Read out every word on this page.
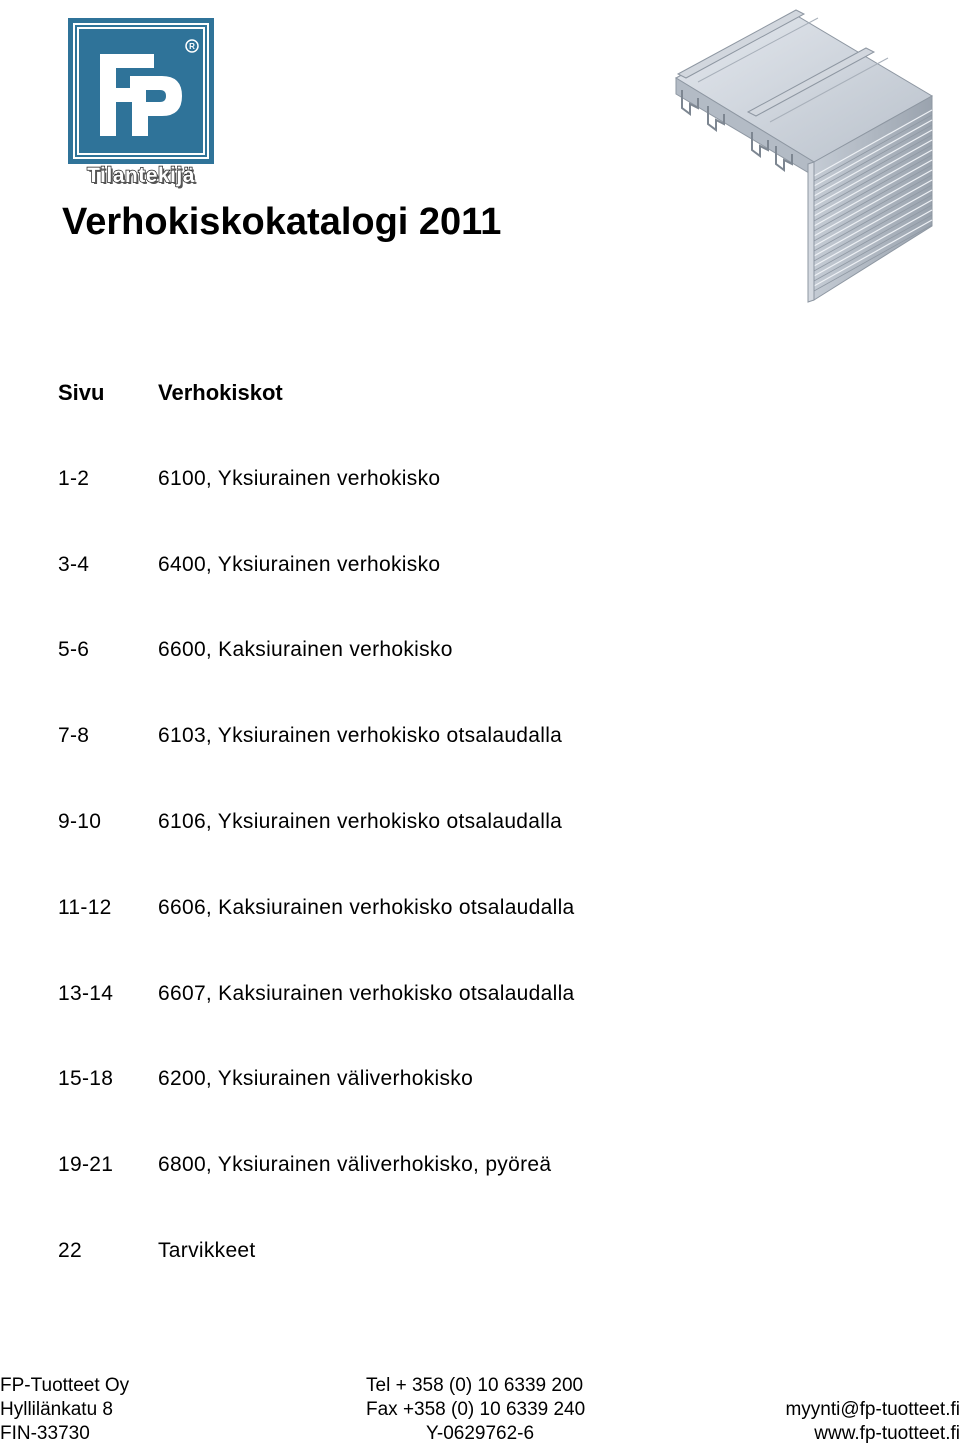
R
Tilantekijä
Verhokiskokatalogi 2011
Sivu	Verhokiskot
1-2	6100, Yksiurainen verhokisko
3-4	6400, Yksiurainen verhokisko
5-6	6600, Kaksiurainen verhokisko
7-8	6103, Yksiurainen verhokisko otsalaudalla
9-10	6106, Yksiurainen verhokisko otsalaudalla
11-12	6606, Kaksiurainen verhokisko otsalaudalla
13-14	6607, Kaksiurainen verhokisko otsalaudalla
15-18	6200, Yksiurainen väliverhokisko
19-21	6800, Yksiurainen väliverhokisko, pyöreä
22	Tarvikkeet
FP-Tuotteet Oy
Hyllilänkatu 8
FIN-33730
Tel + 358 (0) 10 6339 200
Fax +358 (0) 10 6339 240
Y-0629762-6

myynti@fp-tuotteet.fi
www.fp-tuotteet.fi
